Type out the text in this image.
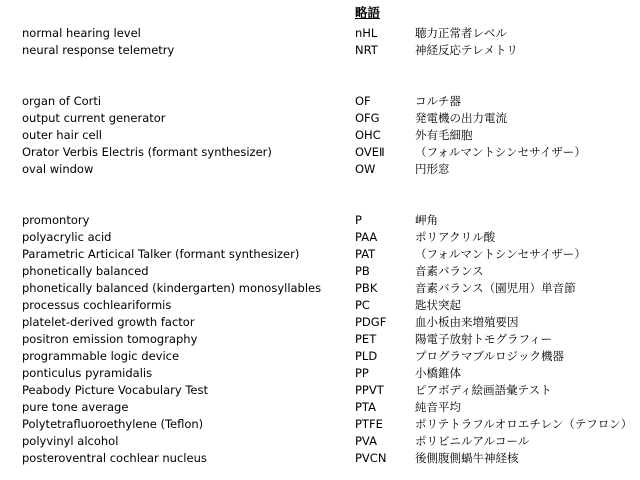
略語
normal hearing level	nHL	聴力正常者レベル
neural response telemetry	NRT	神経反応テレメトリ
organ of Corti	OF	コルチ器
output current generator	OFG	発電機の出力電流
outer hair cell	OHC	外有毛細胞
Orator Verbis Electris (formant synthesizer)	OVEⅡ	（フォルマントシンセサイザー）
oval window	OW	円形窓
promontory	P	岬角
polyacrylic acid	PAA	ポリアクリル酸
Parametric Articical Talker (formant synthesizer)	PAT	（フォルマントシンセサイザー）
phonetically balanced	PB	音素バランス
phonetically balanced (kindergarten) monosyllables	PBK	音素バランス（園児用）単音節
processus cochleariformis	PC	匙状突起
platelet-derived growth factor	PDGF 血小板由来増殖要因
positron emission tomography	PET	陽電子放射トモグラフィー
programmable logic device	PLD	プログラマブルロジック機器
ponticulus pyramidalis	PP	小橋錐体
Peabody Picture Vocabulary Test	PPVT	ピアボディ絵画語彙テスト
pure tone average	PTA	純音平均
Polytetrafluoroethylene (Teflon)	PTFE	ポリテトラフルオロエチレン（テフロン）
polyvinyl alcohol	PVA	ポリビニルアルコール
posteroventral cochlear nucleus	PVCN 後側腹側蝸牛神経核
